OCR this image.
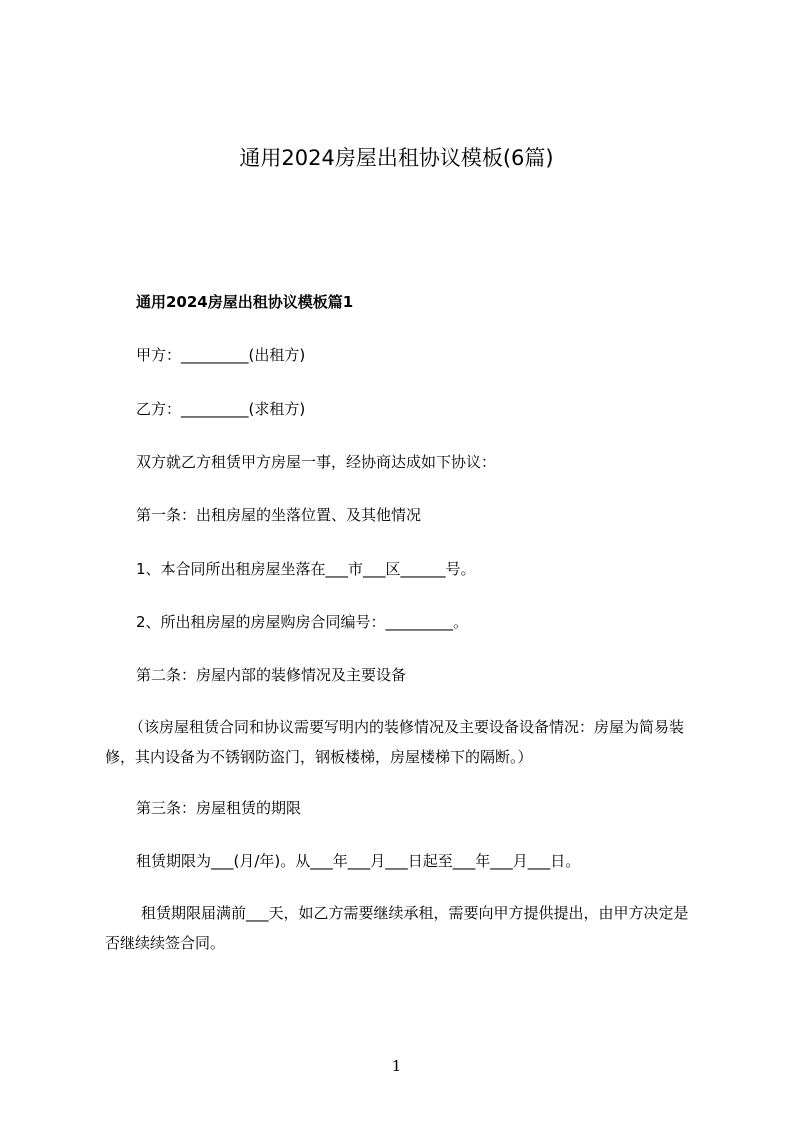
通用2024房屋出租协议模板(6篇)
通用2024房屋出租协议模板篇1
甲方：_________(出租方)
乙方：_________(求租方)
双方就乙方租赁甲方房屋一事，经协商达成如下协议：
第一条：出租房屋的坐落位置、及其他情况
1、本合同所出租房屋坐落在___市___区______号。
2、所出租房屋的房屋购房合同编号：_________。
第二条：房屋内部的装修情况及主要设备
（该房屋租赁合同和协议需要写明内的装修情况及主要设备设备情况：房屋为简易装修，其内设备为不锈钢防盗门，钢板楼梯，房屋楼梯下的隔断。）
第三条：房屋租赁的期限
租赁期限为___(月/年)。从___年___月___日起至___年___月___日。
租赁期限届满前___天，如乙方需要继续承租，需要向甲方提供提出，由甲方决定是否继续续签合同。
1
